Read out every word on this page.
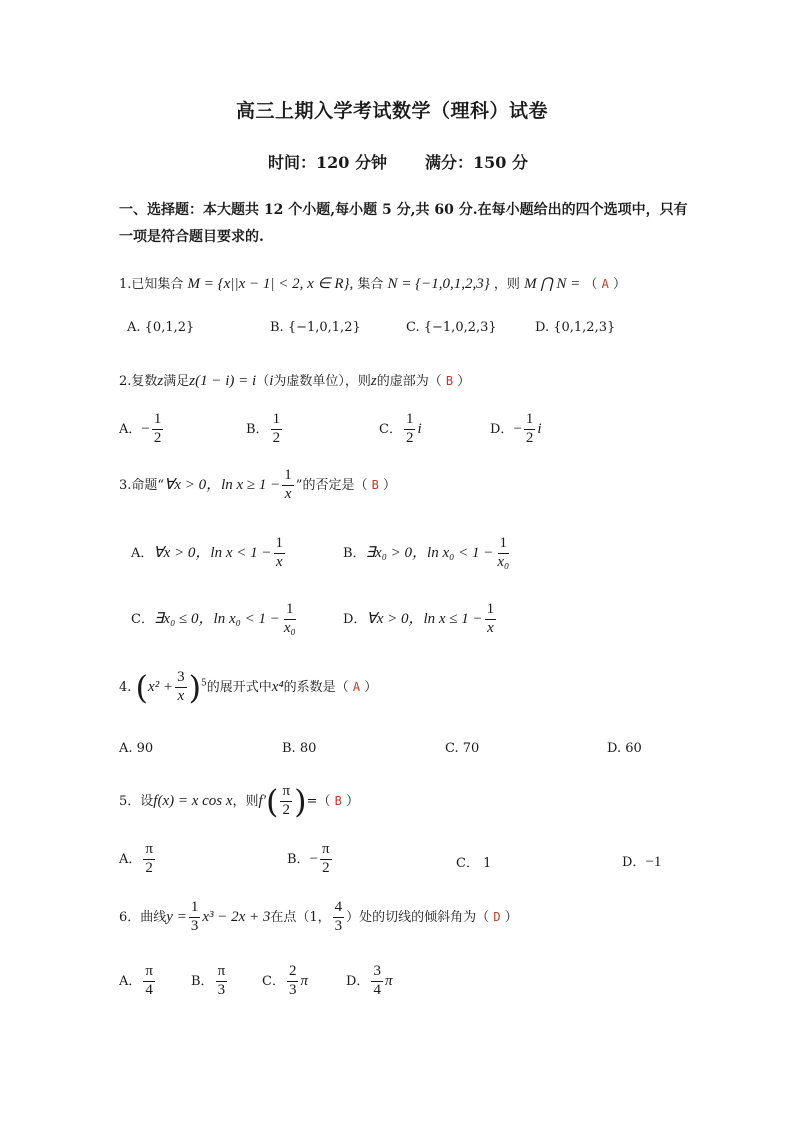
高三上期入学考试数学（理科）试卷
时间：120 分钟 满分：150 分
一、选择题：本大题共 12 个小题,每小题 5 分,共 60 分.在每小题给出的四个选项中，只有
一项是符合题目要求的.
1.已知集合 M = {x||x − 1| < 2, x ∈ R}, 集合 N = {−1,0,1,2,3} ，则 M ⋂ N = （ A ）
A. {0,1,2}	B. {−1,0,1,2}	C. {−1,0,2,3}	D. {0,1,2,3}
2.复数z满足z(1 − i) = i（i为虚数单位），则z的虚部为（ B ）
A．− $\frac{1}{2}$	B． $\frac{1}{2}$	C． $\frac{1}{2}$ i	D．− $\frac{1}{2}$ i
3.命题“∀x > 0，$\ln x \ge 1 - \frac{1}{x}$ ”的否定是（ B ）
A．∀x > 0，$\ln x < 1 - \frac{1}{x}$	B．∃x₀ > 0，$\ln x_0 < 1 - \frac{1}{\text{x₀}}$
C．∃x₀ ≤ 0，$\ln x_0 < 1 - \frac{1}{\text{x₀}}$	D．∀x > 0，$\ln x \le 1 - \frac{1}{x}$
4. $(x^2 + \frac{3}{x} )^5$的展开式中x⁴的系数是（ A ）
A. 90	B. 80	C. 70	D. 60
5．设f(x) = x cos x，则$f'( \frac{\pi}{2}$ )=（ B ）
A． $\frac{\pi}{2}$	B．− $\frac{\pi}{2}$	C． 1	D．−1
6．曲线$y = \frac{1}{3} x^3 - 2x + 3$在点（1， $\frac{4}{3}$ ）处的切线的倾斜角为（ D ）
A． $\frac{\pi}{4}$	B． $\frac{\pi}{3}$	C． $\frac{2}{3}$ π	D． $\frac{3}{4}$ π
